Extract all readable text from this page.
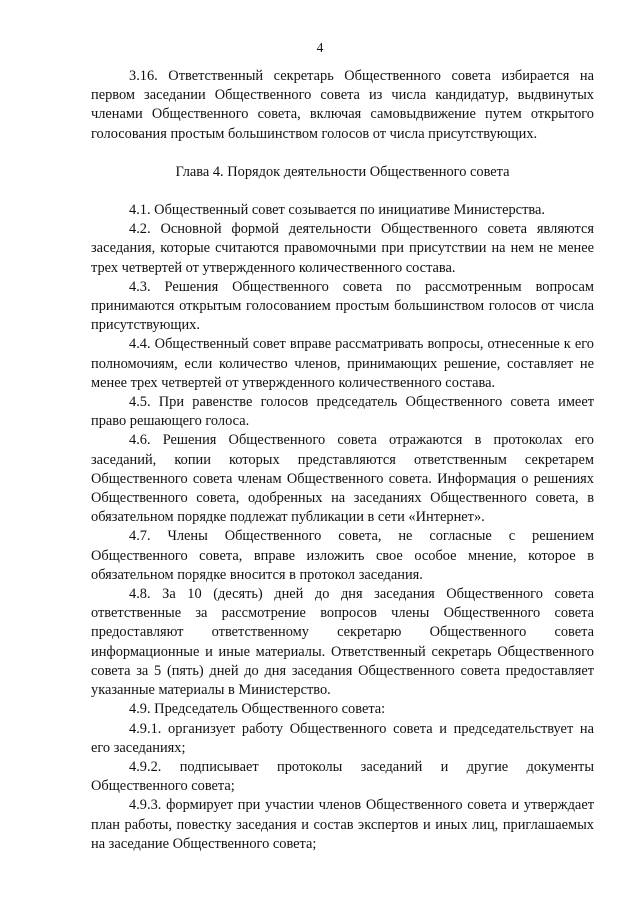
4

3.16. Ответственный секретарь Общественного совета избирается на первом заседании Общественного совета из числа кандидатур, выдвинутых членами Общественного совета, включая самовыдвижение путем открытого голосования простым большинством голосов от числа присутствующих.

Глава 4. Порядок деятельности Общественного совета

4.1. Общественный совет созывается по инициативе Министерства.

4.2. Основной формой деятельности Общественного совета являются заседания, которые считаются правомочными при присутствии на нем не менее трех четвертей от утвержденного количественного состава.

4.3. Решения Общественного совета по рассмотренным вопросам принимаются открытым голосованием простым большинством голосов от числа присутствующих.

4.4. Общественный совет вправе рассматривать вопросы, отнесенные к его полномочиям, если количество членов, принимающих решение, составляет не менее трех четвертей от утвержденного количественного состава.

4.5. При равенстве голосов председатель Общественного совета имеет право решающего голоса.

4.6. Решения Общественного совета отражаются в протоколах его заседаний, копии которых представляются ответственным секретарем Общественного совета членам Общественного совета. Информация о решениях Общественного совета, одобренных на заседаниях Общественного совета, в обязательном порядке подлежат публикации в сети «Интернет».

4.7. Члены Общественного совета, не согласные с решением Общественного совета, вправе изложить свое особое мнение, которое в обязательном порядке вносится в протокол заседания.

4.8. За 10 (десять) дней до дня заседания Общественного совета ответственные за рассмотрение вопросов члены Общественного совета предоставляют ответственному секретарю Общественного совета информационные и иные материалы. Ответственный секретарь Общественного совета за 5 (пять) дней до дня заседания Общественного совета предоставляет указанные материалы в Министерство.

4.9. Председатель Общественного совета:

4.9.1. организует работу Общественного совета и председательствует на его заседаниях;

4.9.2. подписывает протоколы заседаний и другие документы Общественного совета;

4.9.3. формирует при участии членов Общественного совета и утверждает план работы, повестку заседания и состав экспертов и иных лиц, приглашаемых на заседание Общественного совета;
